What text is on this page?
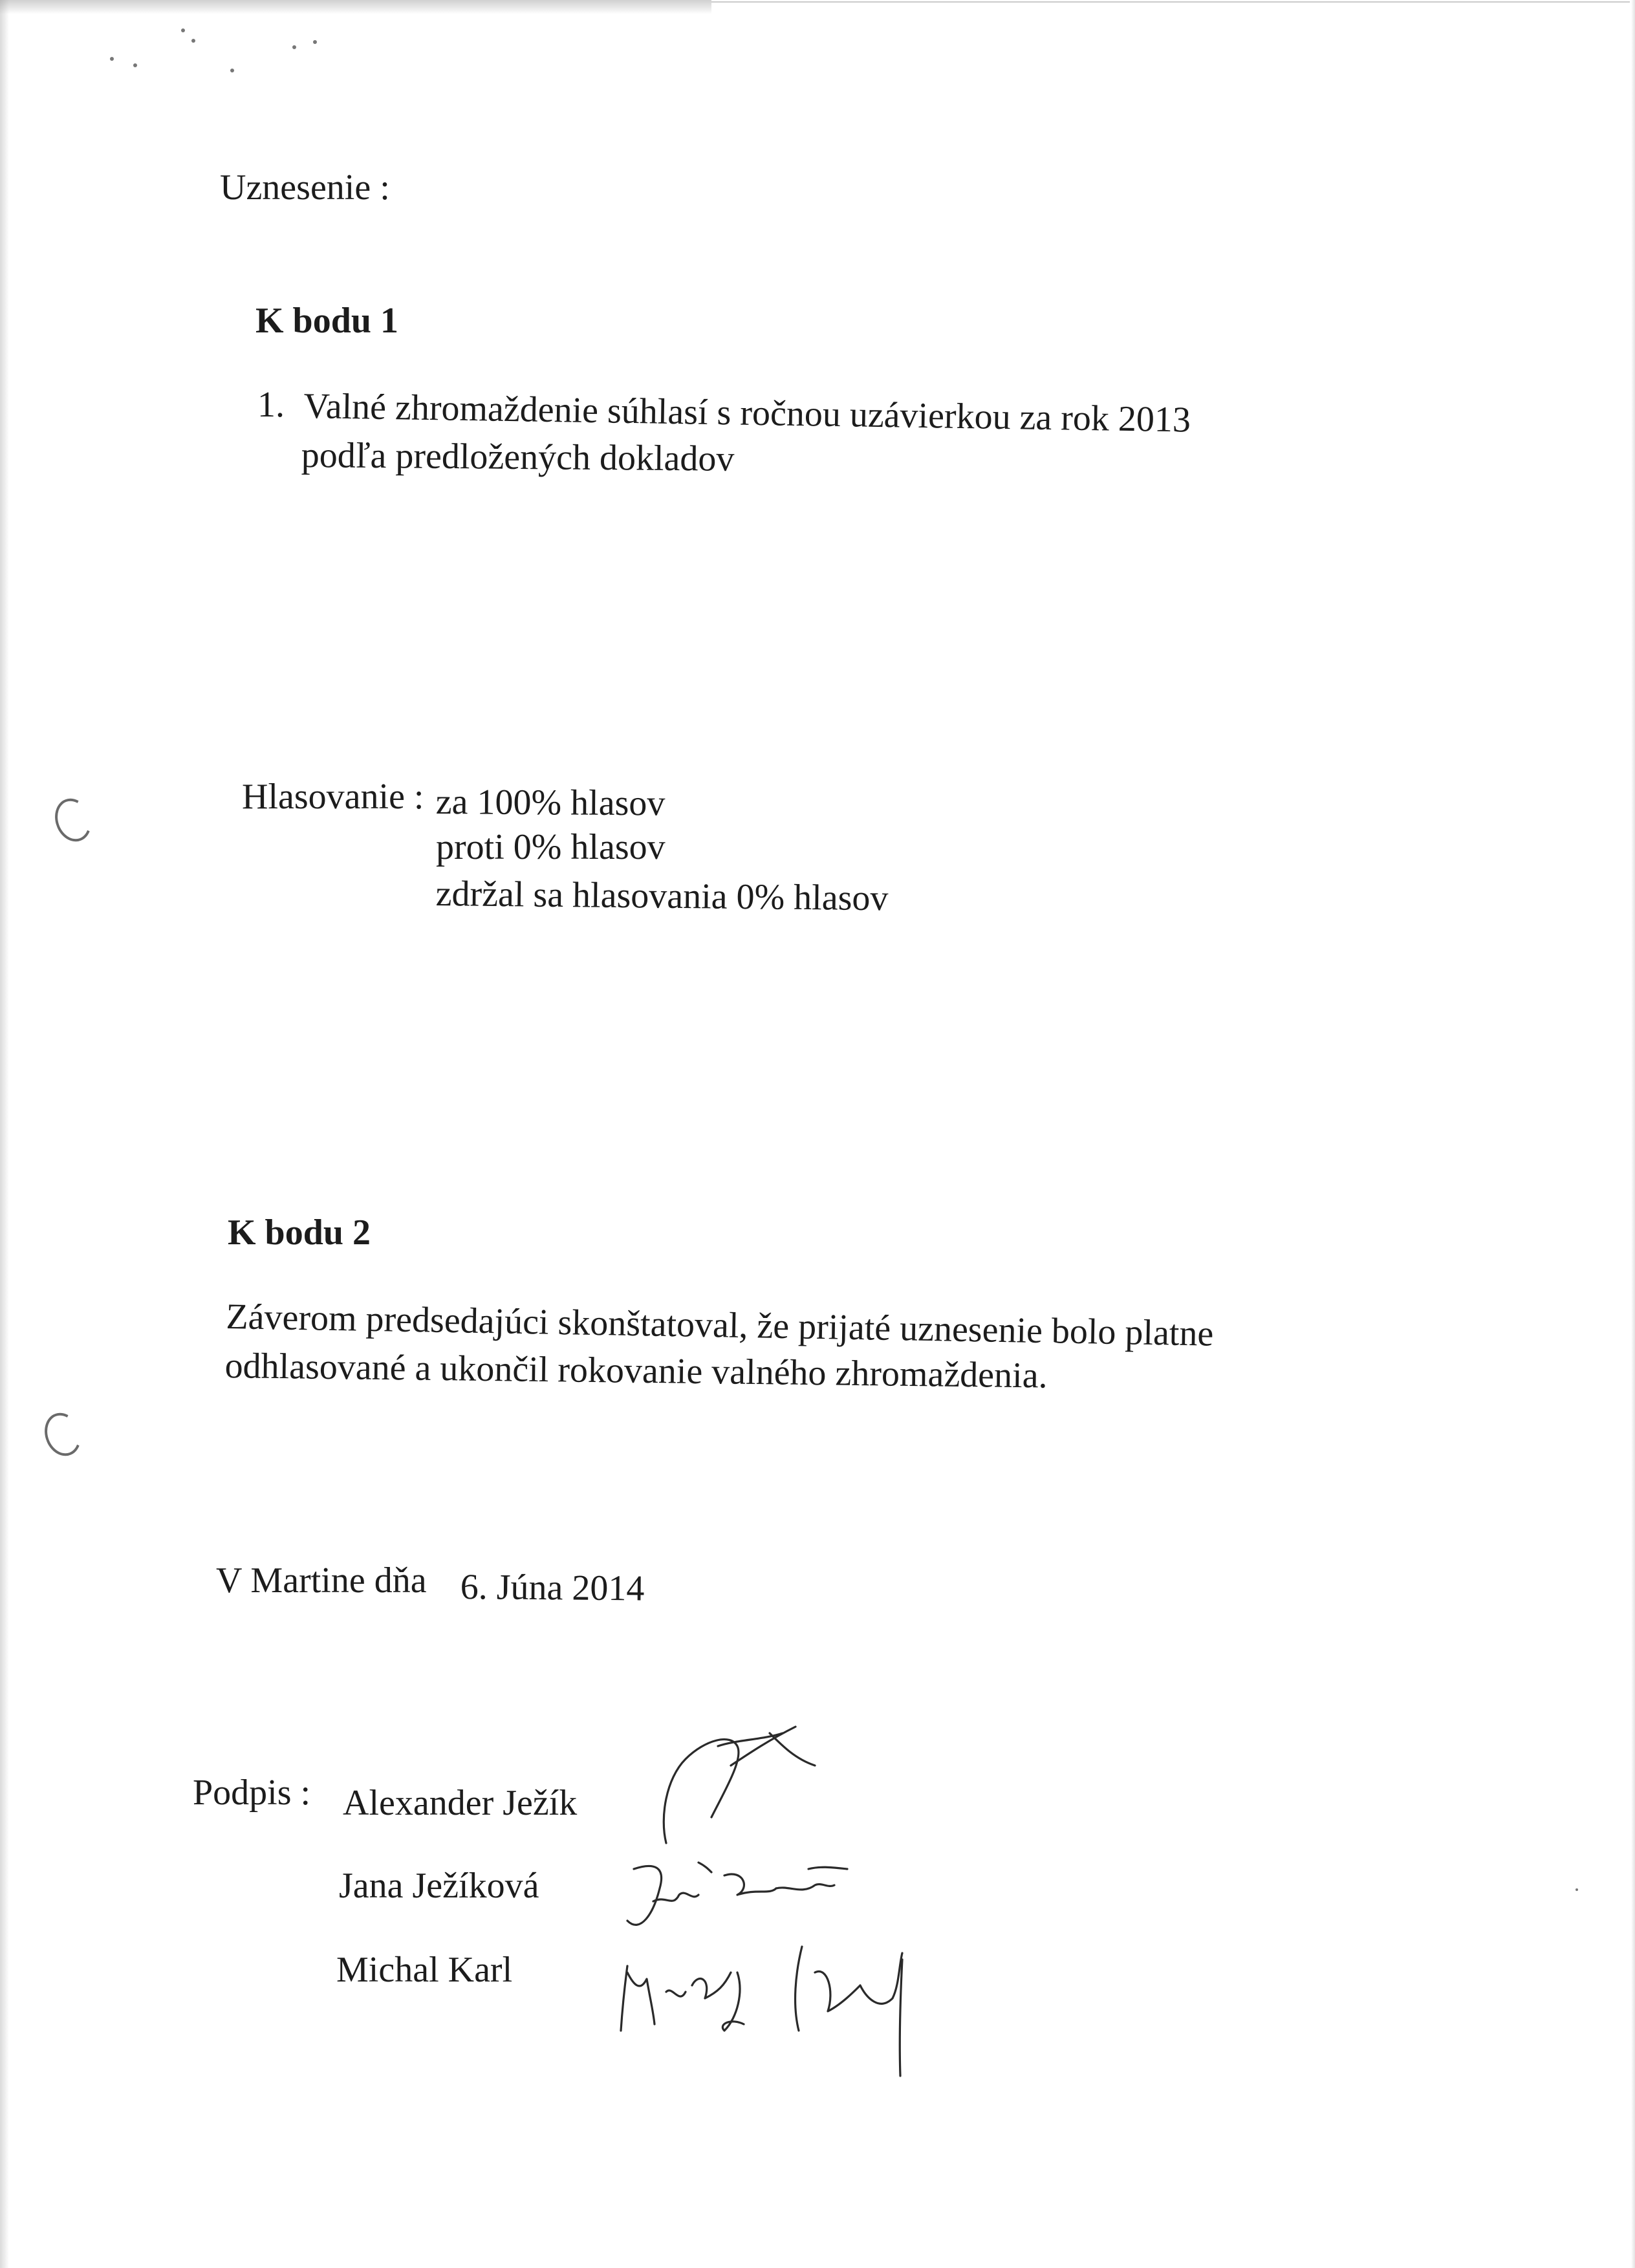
Uznesenie :
K bodu 1
1. Valné zhromaždenie súhlasí s ročnou uzávierkou za rok 2013
podľa predložených dokladov
Hlasovanie : za 100% hlasov
proti 0% hlasov
zdržal sa hlasovania 0% hlasov
K bodu 2
Záverom predsedajúci skonštatoval, že prijaté uznesenie bolo platne
odhlasované a ukončil rokovanie valného zhromaždenia.
V Martine dňa 6. Júna 2014
Podpis : Alexander Ježík
Jana Ježíková
Michal Karl
